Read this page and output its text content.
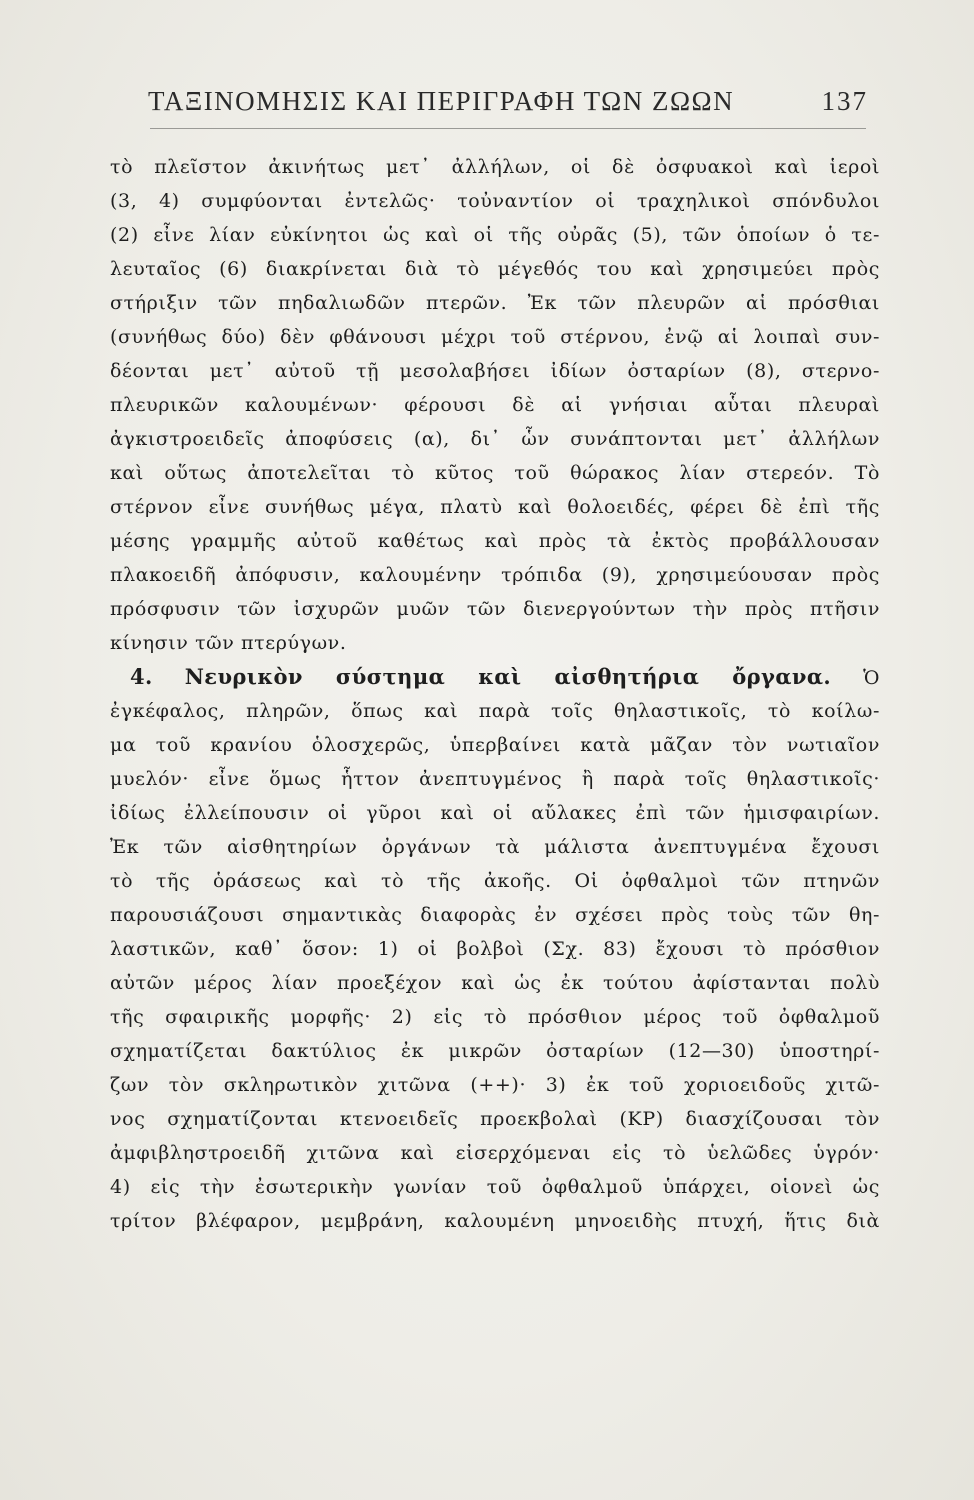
ΤΑΞΙΝΟΜΗΣΙΣ ΚΑΙ ΠΕΡΙΓΡΑΦΗ ΤΩΝ ΖΩΩΝ	137
τὸ πλεῖστον ἀκινήτως μετ᾽ ἀλλήλων, οἱ δὲ ὀσφυακοὶ καὶ ἱεροὶ
(3, 4) συμφύονται ἐντελῶς· τοὐναντίον οἱ τραχηλικοὶ σπόνδυλοι
(2) εἶνε λίαν εὐκίνητοι ὡς καὶ οἱ τῆς οὐρᾶς (5), τῶν ὁποίων ὁ τε-
λευταῖος (6) διακρίνεται διὰ τὸ μέγεθός του καὶ χρησιμεύει πρὸς
στήριξιν τῶν πηδαλιωδῶν πτερῶν. Ἐκ τῶν πλευρῶν αἱ πρόσθιαι
(συνήθως δύο) δὲν φθάνουσι μέχρι τοῦ στέρνου, ἐνῷ αἱ λοιπαὶ συν-
δέονται μετ᾽ αὐτοῦ τῇ μεσολαβήσει ἰδίων ὀσταρίων (8), στερνο-
πλευρικῶν καλουμένων· φέρουσι δὲ αἱ γνήσιαι αὗται πλευραὶ
ἀγκιστροειδεῖς ἀποφύσεις (α), δι᾽ ὧν συνάπτονται μετ᾽ ἀλλήλων
καὶ οὕτως ἀποτελεῖται τὸ κῦτος τοῦ θώρακος λίαν στερεόν. Τὸ
στέρνον εἶνε συνήθως μέγα, πλατὺ καὶ θολοειδές, φέρει δὲ ἐπὶ τῆς
μέσης γραμμῆς αὐτοῦ καθέτως καὶ πρὸς τὰ ἐκτὸς προβάλλουσαν
πλακοειδῆ ἀπόφυσιν, καλουμένην τρόπιδα (9), χρησιμεύουσαν πρὸς
πρόσφυσιν τῶν ἰσχυρῶν μυῶν τῶν διενεργούντων τὴν πρὸς πτῆσιν
κίνησιν τῶν πτερύγων.
4. Νευρικὸν σύστημα καὶ αἰσθητήρια ὄργανα. Ὁ
ἐγκέφαλος, πληρῶν, ὅπως καὶ παρὰ τοῖς θηλαστικοῖς, τὸ κοίλω-
μα τοῦ κρανίου ὁλοσχερῶς, ὑπερβαίνει κατὰ μᾶζαν τὸν νωτιαῖον
μυελόν· εἶνε ὅμως ἧττον ἀνεπτυγμένος ἢ παρὰ τοῖς θηλαστικοῖς·
ἰδίως ἐλλείπουσιν οἱ γῦροι καὶ οἱ αὔλακες ἐπὶ τῶν ἡμισφαιρίων.
Ἐκ τῶν αἰσθητηρίων ὀργάνων τὰ μάλιστα ἀνεπτυγμένα ἔχουσι
τὸ τῆς ὁράσεως καὶ τὸ τῆς ἀκοῆς. Οἱ ὀφθαλμοὶ τῶν πτηνῶν
παρουσιάζουσι σημαντικὰς διαφορὰς ἐν σχέσει πρὸς τοὺς τῶν θη-
λαστικῶν, καθ᾽ ὅσον: 1) οἱ βολβοὶ (Σχ. 83) ἔχουσι τὸ πρόσθιον
αὐτῶν μέρος λίαν προεξέχον καὶ ὡς ἐκ τούτου ἀφίστανται πολὺ
τῆς σφαιρικῆς μορφῆς· 2) εἰς τὸ πρόσθιον μέρος τοῦ ὀφθαλμοῦ
σχηματίζεται δακτύλιος ἐκ μικρῶν ὀσταρίων (12—30) ὑποστηρί-
ζων τὸν σκληρωτικὸν χιτῶνα (++)· 3) ἐκ τοῦ χοριοειδοῦς χιτῶ-
νος σχηματίζονται κτενοειδεῖς προεκβολαὶ (ΚΡ) διασχίζουσαι τὸν
ἀμφιβληστροειδῆ χιτῶνα καὶ εἰσερχόμεναι εἰς τὸ ὑελῶδες ὑγρόν·
4) εἰς τὴν ἐσωτερικὴν γωνίαν τοῦ ὀφθαλμοῦ ὑπάρχει, οἱονεὶ ὡς
τρίτον βλέφαρον, μεμβράνη, καλουμένη μηνοειδὴς πτυχή, ἥτις διὰ
